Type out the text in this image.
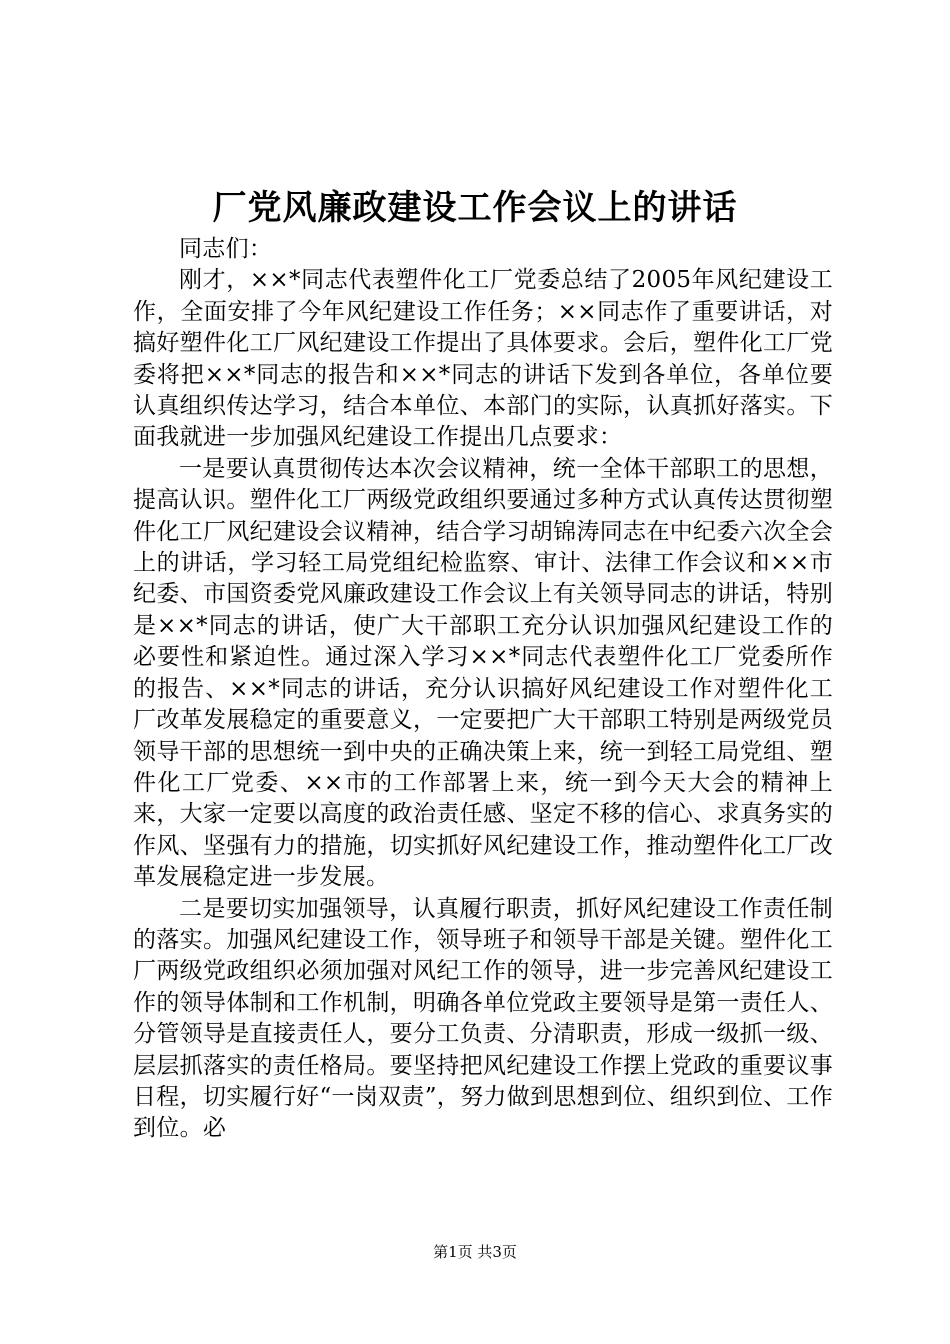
厂党风廉政建设工作会议上的讲话

同志们：

刚才，××*同志代表塑件化工厂党委总结了2005年风纪建设工作，全面安排了今年风纪建设工作任务；××同志作了重要讲话，对搞好塑件化工厂风纪建设工作提出了具体要求。会后，塑件化工厂党委将把××*同志的报告和××*同志的讲话下发到各单位，各单位要认真组织传达学习，结合本单位、本部门的实际，认真抓好落实。下面我就进一步加强风纪建设工作提出几点要求：

一是要认真贯彻传达本次会议精神，统一全体干部职工的思想，提高认识。塑件化工厂两级党政组织要通过多种方式认真传达贯彻塑件化工厂风纪建设会议精神，结合学习胡锦涛同志在中纪委六次全会上的讲话，学习轻工局党组纪检监察、审计、法律工作会议和××市纪委、市国资委党风廉政建设工作会议上有关领导同志的讲话，特别是××*同志的讲话，使广大干部职工充分认识加强风纪建设工作的必要性和紧迫性。通过深入学习××*同志代表塑件化工厂党委所作的报告、××*同志的讲话，充分认识搞好风纪建设工作对塑件化工厂改革发展稳定的重要意义，一定要把广大干部职工特别是两级党员领导干部的思想统一到中央的正确决策上来，统一到轻工局党组、塑件化工厂党委、××市的工作部署上来，统一到今天大会的精神上来，大家一定要以高度的政治责任感、坚定不移的信心、求真务实的作风、坚强有力的措施，切实抓好风纪建设工作，推动塑件化工厂改革发展稳定进一步发展。

二是要切实加强领导，认真履行职责，抓好风纪建设工作责任制的落实。加强风纪建设工作，领导班子和领导干部是关键。塑件化工厂两级党政组织必须加强对风纪工作的领导，进一步完善风纪建设工作的领导体制和工作机制，明确各单位党政主要领导是第一责任人、分管领导是直接责任人，要分工负责、分清职责，形成一级抓一级、层层抓落实的责任格局。要坚持把风纪建设工作摆上党政的重要议事日程，切实履行好“一岗双责”，努力做到思想到位、组织到位、工作到位。必

第1页 共3页
